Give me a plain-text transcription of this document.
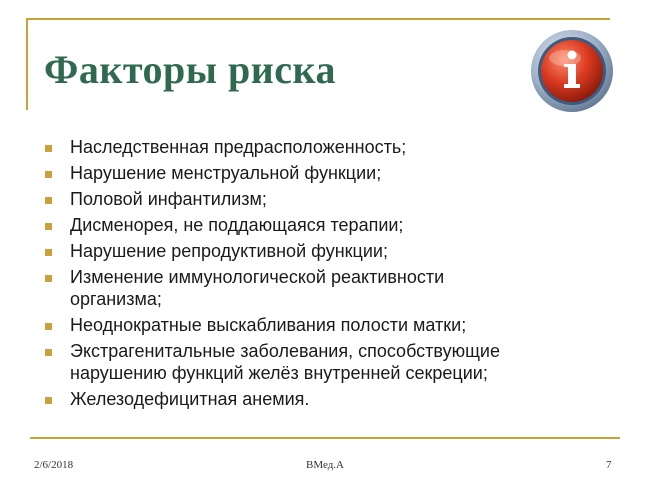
Факторы риска
Наследственная предрасположенность;
Нарушение менструальной функции;
Половой инфантилизм;
Дисменорея, не поддающаяся терапии;
Нарушение репродуктивной функции;
Изменение иммунологической реактивности
организма;
Неоднократные выскабливания полости матки;
Экстрагенитальные заболевания, способствующие
нарушению функций желёз внутренней секреции;
Железодефицитная анемия.
2/6/2018	ВМед.А	7
